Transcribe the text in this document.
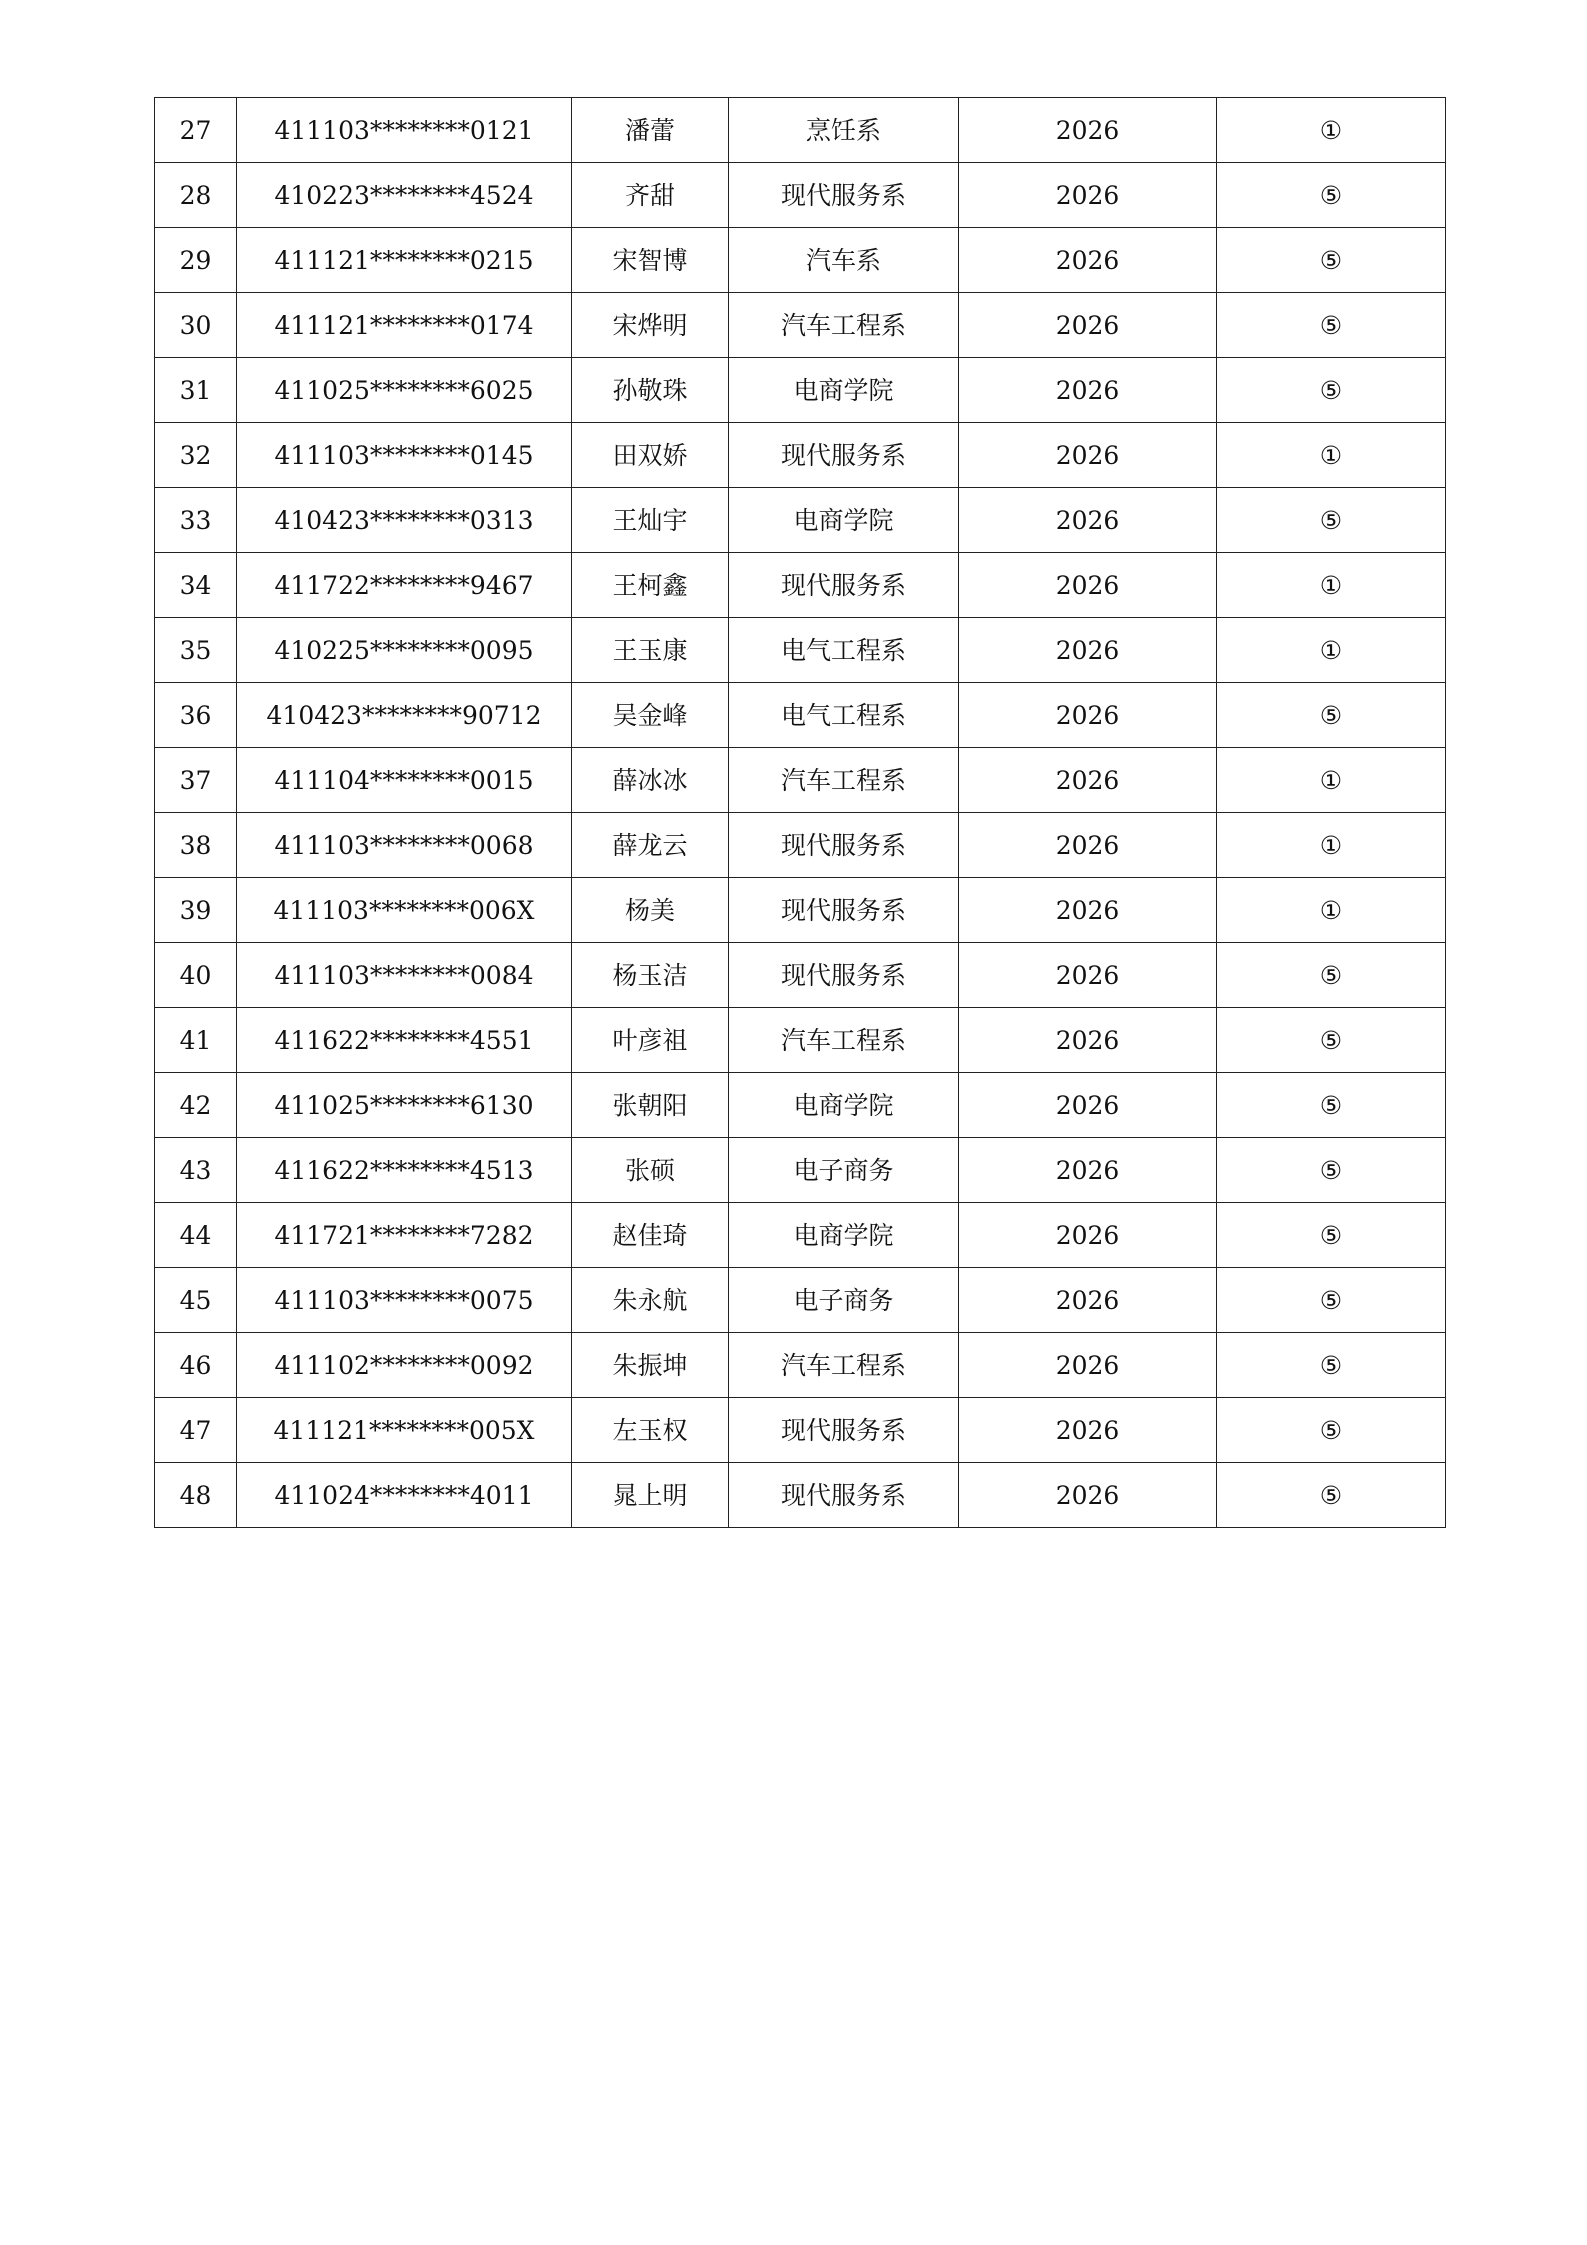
27	411103********0121	潘蕾	烹饪系	2026	①
28	410223********4524	齐甜	现代服务系	2026	⑤
29	411121********0215	宋智博	汽车系	2026	⑤
30	411121********0174	宋烨明	汽车工程系	2026	⑤
31	411025********6025	孙敬珠	电商学院	2026	⑤
32	411103********0145	田双娇	现代服务系	2026	①
33	410423********0313	王灿宇	电商学院	2026	⑤
34	411722********9467	王柯鑫	现代服务系	2026	①
35	410225********0095	王玉康	电气工程系	2026	①
36	410423********90712	吴金峰	电气工程系	2026	⑤
37	411104********0015	薛冰冰	汽车工程系	2026	①
38	411103********0068	薛龙云	现代服务系	2026	①
39	411103********006X	杨美	现代服务系	2026	①
40	411103********0084	杨玉洁	现代服务系	2026	⑤
41	411622********4551	叶彦祖	汽车工程系	2026	⑤
42	411025********6130	张朝阳	电商学院	2026	⑤
43	411622********4513	张硕	电子商务	2026	⑤
44	411721********7282	赵佳琦	电商学院	2026	⑤
45	411103********0075	朱永航	电子商务	2026	⑤
46	411102********0092	朱振坤	汽车工程系	2026	⑤
47	411121********005X	左玉权	现代服务系	2026	⑤
48	411024********4011	晁上明	现代服务系	2026	⑤
